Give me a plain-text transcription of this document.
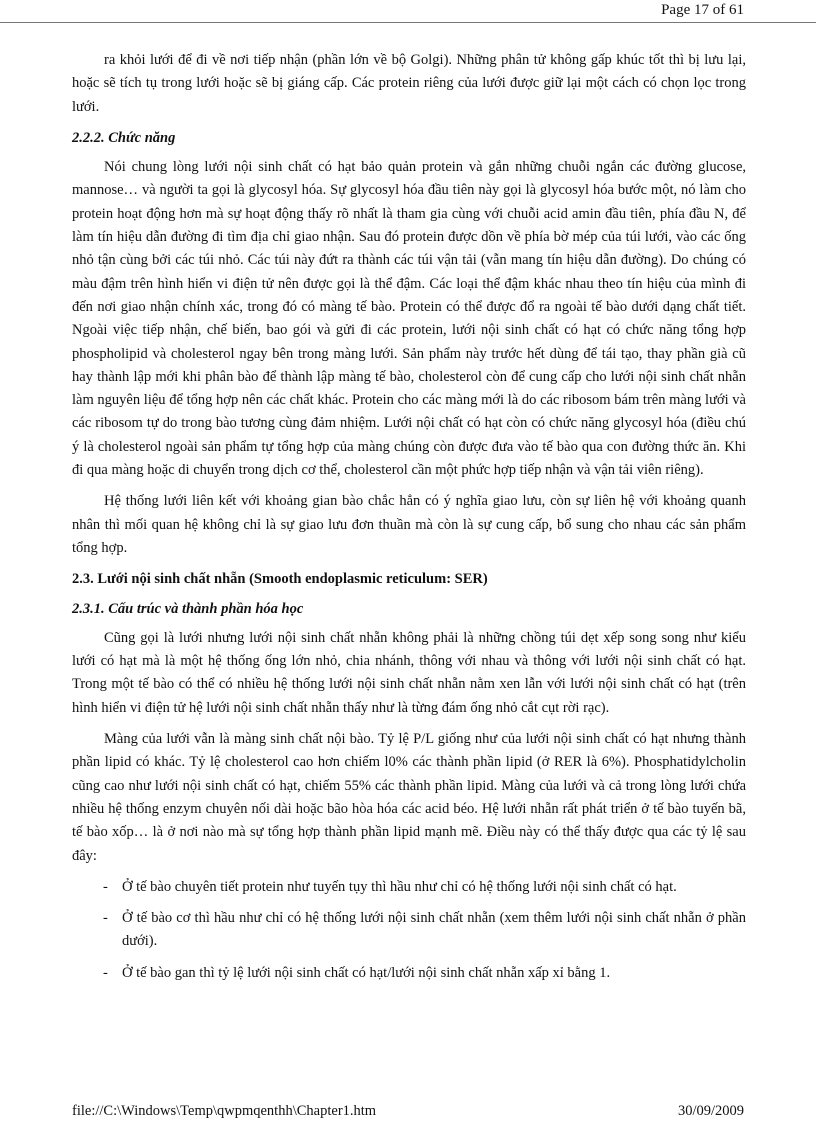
Page 17 of 61

ra khỏi lưới để đi về nơi tiếp nhận (phần lớn về bộ Golgi). Những phân tử không gấp khúc tốt thì bị lưu lại, hoặc sẽ tích tụ trong lưới hoặc sẽ bị giáng cấp. Các protein riêng của lưới được giữ lại một cách có chọn lọc trong lưới.

2.2.2. Chức năng

Nói chung lòng lưới nội sinh chất có hạt bảo quản protein và gắn những chuỗi ngắn các đường glucose, mannose… và người ta gọi là glycosyl hóa. Sự glycosyl hóa đầu tiên này gọi là glycosyl hóa bước một, nó làm cho protein hoạt động hơn mà sự hoạt động thấy rõ nhất là tham gia cùng với chuỗi acid amin đầu tiên, phía đầu N, để làm tín hiệu dẫn đường đi tìm địa chỉ giao nhận. Sau đó protein được dồn về phía bờ mép của túi lưới, vào các ống nhỏ tận cùng bởi các túi nhỏ. Các túi này đứt ra thành các túi vận tải (vẫn mang tín hiệu dẫn đường). Do chúng có màu đậm trên hình hiển vi điện tử nên được gọi là thể đậm. Các loại thể đậm khác nhau theo tín hiệu của mình đi đến nơi giao nhận chính xác, trong đó có màng tế bào. Protein có thể được đổ ra ngoài tế bào dưới dạng chất tiết. Ngoài việc tiếp nhận, chế biến, bao gói và gửi đi các protein, lưới nội sinh chất có hạt có chức năng tổng hợp phospholipid và cholesterol ngay bên trong màng lưới. Sản phẩm này trước hết dùng để tái tạo, thay phần già cũ hay thành lập mới khi phân bào để thành lập màng tế bào, cholesterol còn để cung cấp cho lưới nội sinh chất nhẵn làm nguyên liệu để tổng hợp nên các chất khác. Protein cho các màng mới là do các ribosom bám trên màng lưới và các ribosom tự do trong bào tương cùng đảm nhiệm. Lưới nội chất có hạt còn có chức năng glycosyl hóa (điều chú ý là cholesterol ngoài sản phẩm tự tổng hợp của màng chúng còn được đưa vào tế bào qua con đường thức ăn. Khi đi qua màng hoặc di chuyển trong dịch cơ thể, cholesterol cần một phức hợp tiếp nhận và vận tải viên riêng).

Hệ thống lưới liên kết với khoảng gian bào chắc hẳn có ý nghĩa giao lưu, còn sự liên hệ với khoảng quanh nhân thì mối quan hệ không chỉ là sự giao lưu đơn thuần mà còn là sự cung cấp, bổ sung cho nhau các sản phẩm tổng hợp.

2.3. Lưới nội sinh chất nhẵn (Smooth endoplasmic reticulum: SER)
2.3.1. Cấu trúc và thành phần hóa học

Cũng gọi là lưới nhưng lưới nội sinh chất nhẵn không phải là những chồng túi dẹt xếp song song như kiểu lưới có hạt mà là một hệ thống ống lớn nhỏ, chia nhánh, thông với nhau và thông với lưới nội sinh chất có hạt. Trong một tế bào có thể có nhiều hệ thống lưới nội sinh chất nhẵn nằm xen lẫn với lưới nội sinh chất có hạt (trên hình hiển vi điện tử hệ lưới nội sinh chất nhẵn thấy như là từng đám ống nhỏ cắt cụt rời rạc).

Màng của lưới vẫn là màng sinh chất nội bào. Tỷ lệ P/L giống như của lưới nội sinh chất có hạt nhưng thành phần lipid có khác. Tỷ lệ cholesterol cao hơn chiếm l0% các thành phần lipid (ở RER là 6%). Phosphatidylcholin cũng cao như lưới nội sinh chất có hạt, chiếm 55% các thành phần lipid. Màng của lưới và cả trong lòng lưới chứa nhiều hệ thống enzym chuyên nối dài hoặc bão hòa hóa các acid béo. Hệ lưới nhẵn rất phát triển ở tế bào tuyến bã, tế bào xốp… là ở nơi nào mà sự tổng hợp thành phần lipid mạnh mẽ. Điều này có thể thấy được qua các tỷ lệ sau đây:

- Ở tế bào chuyên tiết protein như tuyến tụy thì hầu như chỉ có hệ thống lưới nội sinh chất có hạt.
- Ở tế bào cơ thì hầu như chỉ có hệ thống lưới nội sinh chất nhẵn (xem thêm lưới nội sinh chất nhẵn ở phần dưới).
- Ở tế bào gan thì tỷ lệ lưới nội sinh chất có hạt/lưới nội sinh chất nhẵn xấp xỉ bằng 1.
file://C:\Windows\Temp\qwpmqenthh\Chapter1.htm	30/09/2009
